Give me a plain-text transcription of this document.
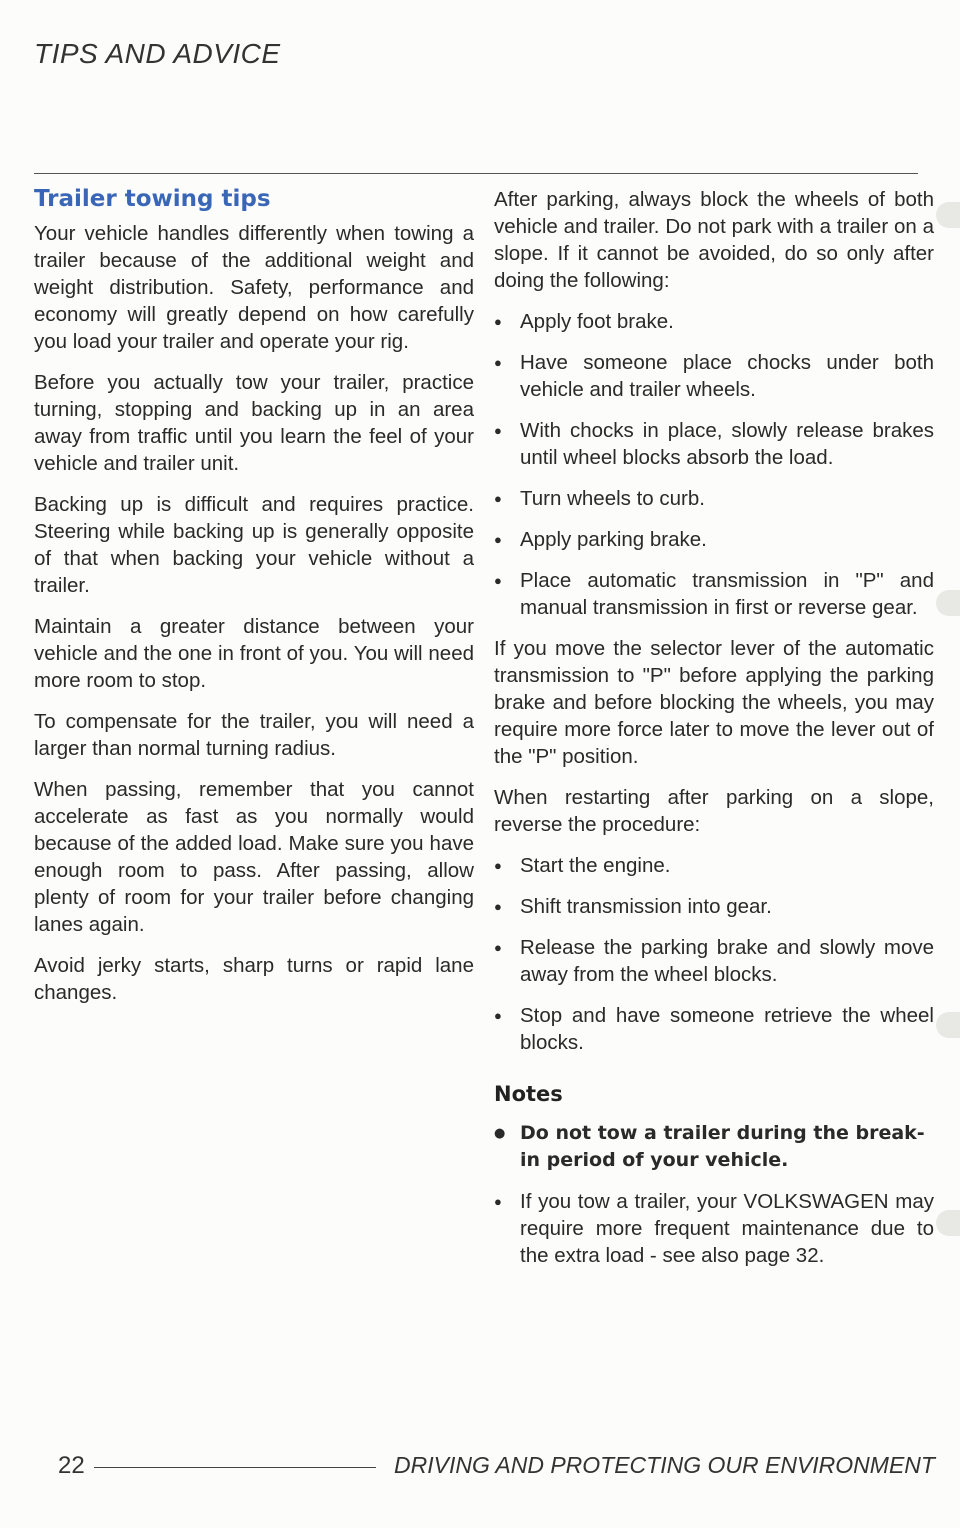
TIPS AND ADVICE
Trailer towing tips

Your vehicle handles differently when towing a trailer because of the additional weight and weight distribution. Safety, performance and economy will greatly depend on how carefully you load your trailer and operate your rig.

Before you actually tow your trailer, practice turning, stopping and backing up in an area away from traffic until you learn the feel of your vehicle and trailer unit.

Backing up is difficult and requires practice. Steering while backing up is generally opposite of that when backing your vehicle without a trailer.

Maintain a greater distance between your vehicle and the one in front of you. You will need more room to stop.

To compensate for the trailer, you will need a larger than normal turning radius.

When passing, remember that you cannot accelerate as fast as you normally would because of the added load. Make sure you have enough room to pass. After passing, allow plenty of room for your trailer before changing lanes again.

Avoid jerky starts, sharp turns or rapid lane changes.

After parking, always block the wheels of both vehicle and trailer. Do not park with a trailer on a slope. If it cannot be avoided, do so only after doing the following:

● Apply foot brake.

● Have someone place chocks under both vehicle and trailer wheels.

● With chocks in place, slowly release brakes until wheel blocks absorb the load.

● Turn wheels to curb.

● Apply parking brake.

● Place automatic transmission in "P" and manual transmission in first or reverse gear.

If you move the selector lever of the automatic transmission to "P" before applying the parking brake and before blocking the wheels, you may require more force later to move the lever out of the "P" position.

When restarting after parking on a slope, reverse the procedure:

● Start the engine.

● Shift transmission into gear.

● Release the parking brake and slowly move away from the wheel blocks.

● Stop and have someone retrieve the wheel blocks.

Notes

● Do not tow a trailer during the break-in period of your vehicle.

● If you tow a trailer, your VOLKSWAGEN may require more frequent maintenance due to the extra load - see also page 32.

22	DRIVING AND PROTECTING OUR ENVIRONMENT
